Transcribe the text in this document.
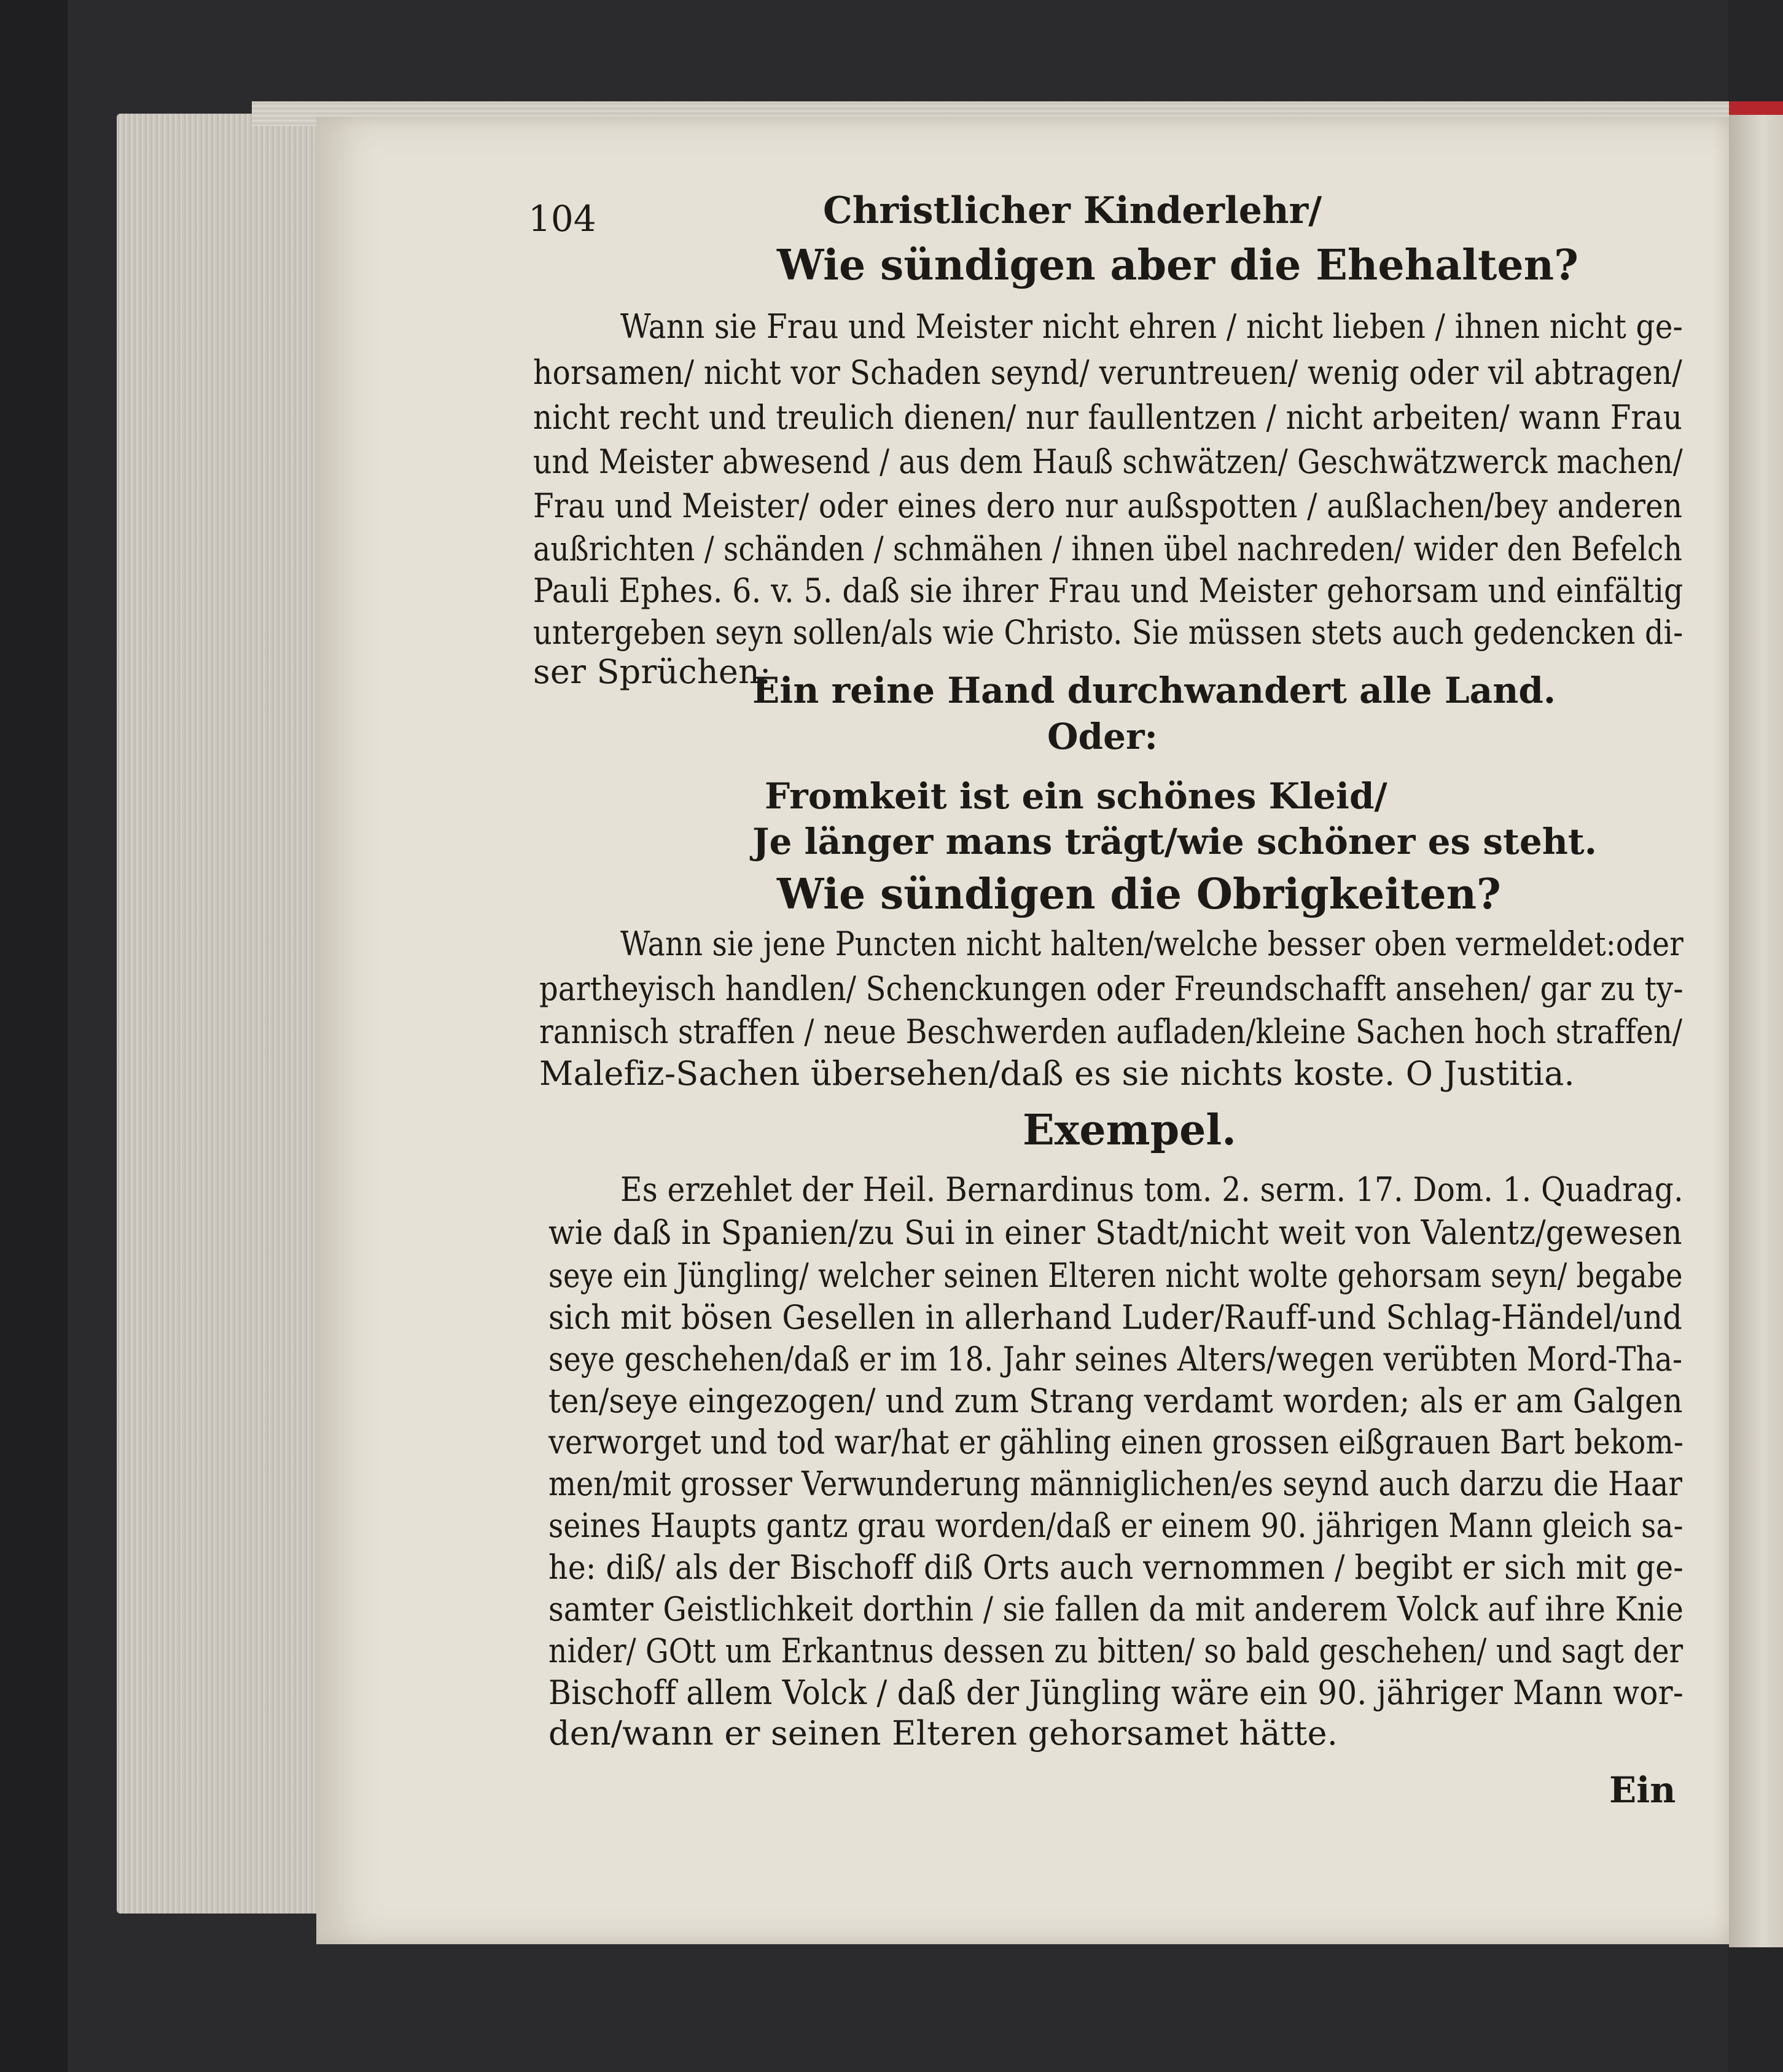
104	Christlicher Kinderlehr/
Wie sündigen aber die Ehehalten?
Wann sie Frau und Meister nicht ehren / nicht lieben / ihnen nicht ge-
horsamen/ nicht vor Schaden seynd/ veruntreuen/ wenig oder vil abtragen/
nicht recht und treulich dienen/ nur faullentzen / nicht arbeiten/ wann Frau
und Meister abwesend / aus dem Hauß schwätzen/ Geschwätzwerck machen/
Frau und Meister/ oder eines dero nur außspotten / außlachen/bey anderen
außrichten / schänden / schmähen / ihnen übel nachreden/ wider den Befelch
Pauli Ephes. 6. v. 5. daß sie ihrer Frau und Meister gehorsam und einfältig
untergeben seyn sollen/als wie Christo. Sie müssen stets auch gedencken di-
ser Sprüchen:
Ein reine Hand durchwandert alle Land.
Oder:
Fromkeit ist ein schönes Kleid/
Je länger mans trägt/wie schöner es steht.
Wie sündigen die Obrigkeiten?
Wann sie jene Puncten nicht halten/welche besser oben vermeldet:oder
partheyisch handlen/ Schenckungen oder Freundschafft ansehen/ gar zu ty-
rannisch straffen / neue Beschwerden aufladen/kleine Sachen hoch straffen/
Malefiz-Sachen übersehen/daß es sie nichts koste. O Justitia.
Exempel.
Es erzehlet der Heil. Bernardinus tom. 2. serm. 17. Dom. 1. Quadrag.
wie daß in Spanien/zu Sui in einer Stadt/nicht weit von Valentz/gewesen
seye ein Jüngling/ welcher seinen Elteren nicht wolte gehorsam seyn/ begabe
sich mit bösen Gesellen in allerhand Luder/Rauff-und Schlag-Händel/und
seye geschehen/daß er im 18. Jahr seines Alters/wegen verübten Mord-Tha-
ten/seye eingezogen/ und zum Strang verdamt worden; als er am Galgen
verworget und tod war/hat er gähling einen grossen eißgrauen Bart bekom-
men/mit grosser Verwunderung männiglichen/es seynd auch darzu die Haar
seines Haupts gantz grau worden/daß er einem 90. jährigen Mann gleich sa-
he: diß/ als der Bischoff diß Orts auch vernommen / begibt er sich mit ge-
samter Geistlichkeit dorthin / sie fallen da mit anderem Volck auf ihre Knie
nider/ GOtt um Erkantnus dessen zu bitten/ so bald geschehen/ und sagt der
Bischoff allem Volck / daß der Jüngling wäre ein 90. jähriger Mann wor-
den/wann er seinen Elteren gehorsamet hätte.
Ein
